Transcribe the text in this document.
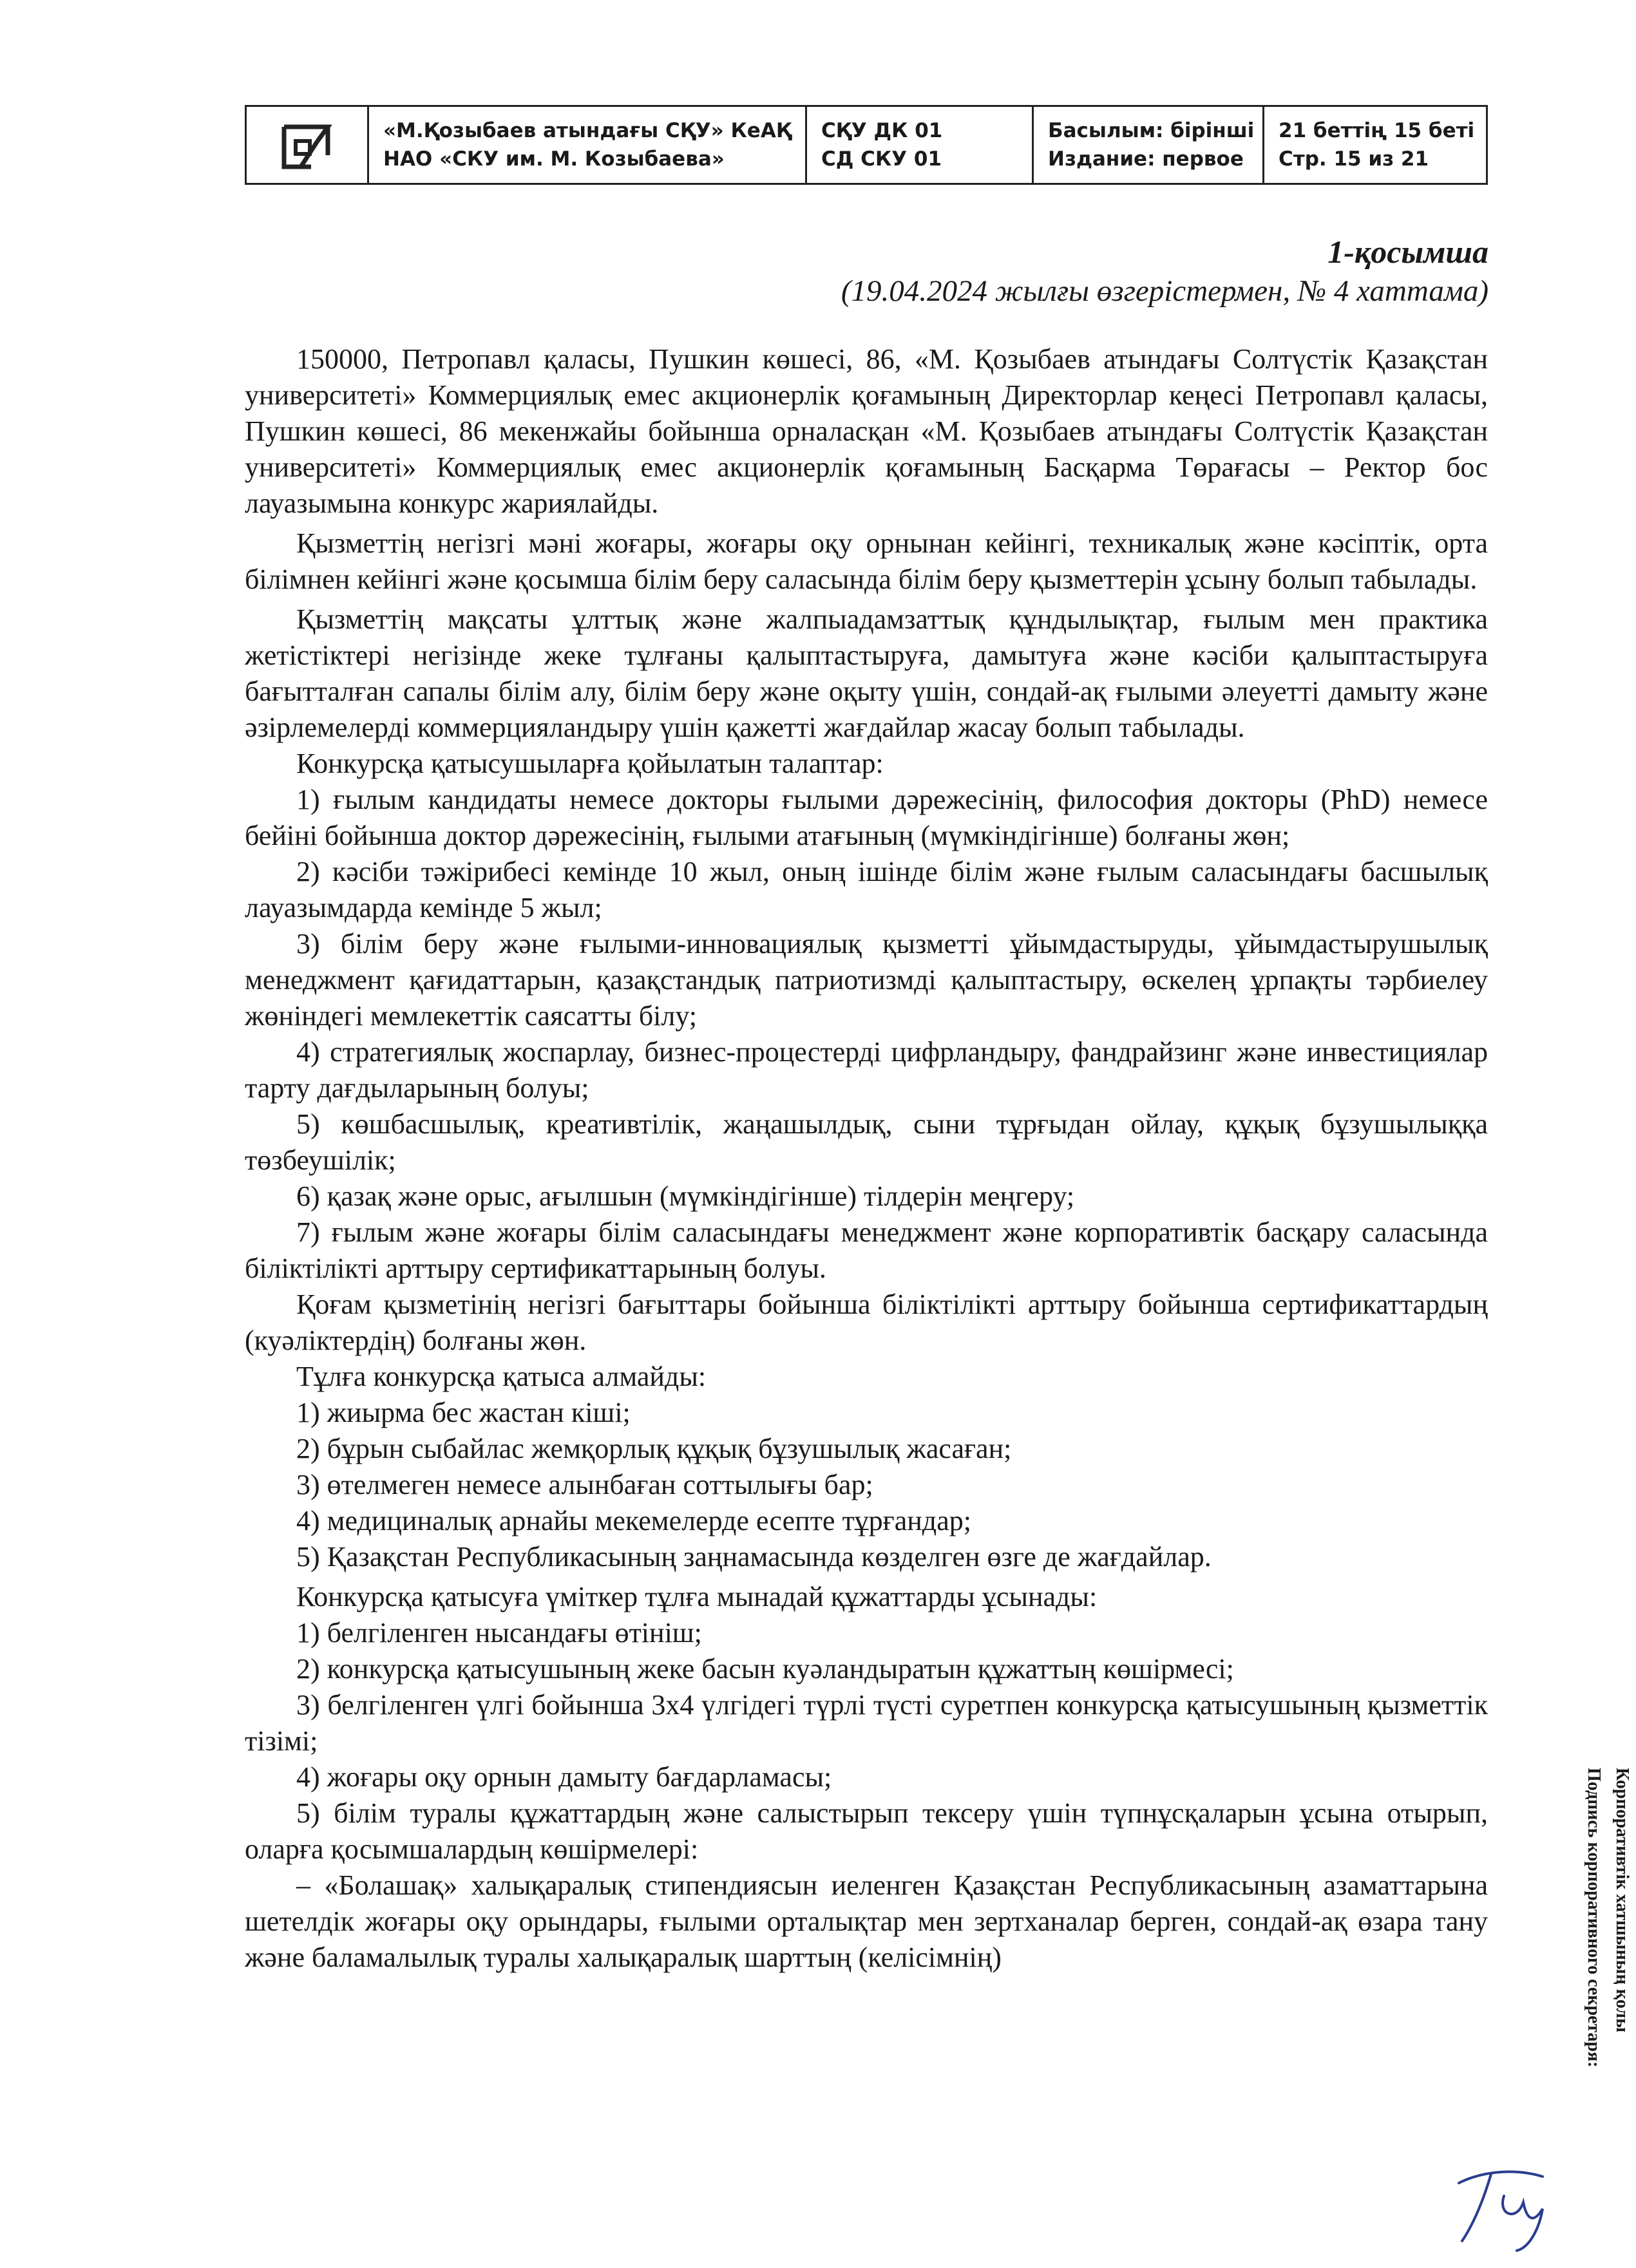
«М.Қозыбаев атындағы СҚУ» КеАҚ
НАО «СКУ им. М. Козыбаева»
СҚУ ДК 01
СД СКУ 01
Басылым: бірінші
Издание: первое
21 беттің 15 беті
Стр. 15 из 21
1-қосымша
(19.04.2024 жылғы өзгерістермен, № 4 хаттама)

150000, Петропавл қаласы, Пушкин көшесі, 86, «М. Қозыбаев атындағы Солтүстік Қазақстан университеті» Коммерциялық емес акционерлік қоғамының Директорлар кеңесі Петропавл қаласы, Пушкин көшесі, 86 мекенжайы бойынша орналасқан «М. Қозыбаев атындағы Солтүстік Қазақстан университеті» Коммерциялық емес акционерлік қоғамының Басқарма Төрағасы – Ректор бос лауазымына конкурс жариялайды.

Қызметтің негізгі мәні жоғары, жоғары оқу орнынан кейінгі, техникалық және кәсіптік, орта білімнен кейінгі және қосымша білім беру саласында білім беру қызметтерін ұсыну болып табылады.

Қызметтің мақсаты ұлттық және жалпыадамзаттық құндылықтар, ғылым мен практика жетістіктері негізінде жеке тұлғаны қалыптастыруға, дамытуға және кәсіби қалыптастыруға бағытталған сапалы білім алу, білім беру және оқыту үшін, сондай-ақ ғылыми әлеуетті дамыту және әзірлемелерді коммерцияландыру үшін қажетті жағдайлар жасау болып табылады.

Конкурсқа қатысушыларға қойылатын талаптар:

1) ғылым кандидаты немесе докторы ғылыми дәрежесінің, философия докторы (PhD) немесе бейіні бойынша доктор дәрежесінің, ғылыми атағының (мүмкіндігінше) болғаны жөн;

2) кәсіби тәжірибесі кемінде 10 жыл, оның ішінде білім және ғылым саласындағы басшылық лауазымдарда кемінде 5 жыл;

3) білім беру және ғылыми-инновациялық қызметті ұйымдастыруды, ұйымдастырушылық менеджмент қағидаттарын, қазақстандық патриотизмді қалыптастыру, өскелең ұрпақты тәрбиелеу жөніндегі мемлекеттік саясатты білу;

4) стратегиялық жоспарлау, бизнес-процестерді цифрландыру, фандрайзинг және инвестициялар тарту дағдыларының болуы;

5) көшбасшылық, креативтілік, жаңашылдық, сыни тұрғыдан ойлау, құқық бұзушылыққа төзбеушілік;

6) қазақ және орыс, ағылшын (мүмкіндігінше) тілдерін меңгеру;

7) ғылым және жоғары білім саласындағы менеджмент және корпоративтік басқару саласында біліктілікті арттыру сертификаттарының болуы.

Қоғам қызметінің негізгі бағыттары бойынша біліктілікті арттыру бойынша сертификаттардың (куәліктердің) болғаны жөн.

Тұлға конкурсқа қатыса алмайды:

1) жиырма бес жастан кіші;

2) бұрын сыбайлас жемқорлық құқық бұзушылық жасаған;

3) өтелмеген немесе алынбаған соттылығы бар;

4) медициналық арнайы мекемелерде есепте тұрғандар;

5) Қазақстан Республикасының заңнамасында көзделген өзге де жағдайлар.

Конкурсқа қатысуға үміткер тұлға мынадай құжаттарды ұсынады:

1) белгіленген нысандағы өтініш;

2) конкурсқа қатысушының жеке басын куәландыратын құжаттың көшірмесі;

3) белгіленген үлгі бойынша 3х4 үлгідегі түрлі түсті суретпен конкурсқа қатысушының қызметтік тізімі;

4) жоғары оқу орнын дамыту бағдарламасы;

5) білім туралы құжаттардың және салыстырып тексеру үшін түпнұсқаларын ұсына отырып, оларға қосымшалардың көшірмелері:

– «Болашақ» халықаралық стипендиясын иеленген Қазақстан Республикасының азаматтарына шетелдік жоғары оқу орындары, ғылыми орталықтар мен зертханалар берген, сондай-ақ өзара тану және баламалылық туралы халықаралық шарттың (келісімнің)	Корпоративтік хатшының қолы
Подпись корпоративного секретаря:
